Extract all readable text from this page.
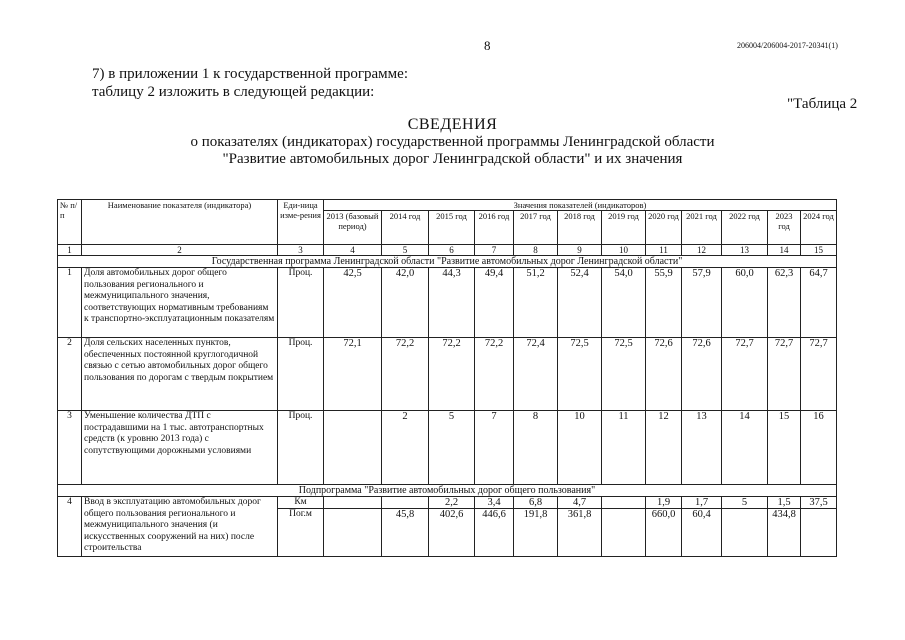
8	206004/206004-2017-20341(1)
7) в приложении 1 к государственной программе:
таблицу 2 изложить в следующей редакции:
"Таблица 2
СВЕДЕНИЯ
о показателях (индикаторах) государственной программы Ленинградской области
"Развитие автомобильных дорог Ленинградской области" и их значения
№ п/п	Наименование показателя (индикатора)	Еди-ница изме-рения	Значения показателей (индикаторов)											
			2013 (базовый период)	2014 год	2015 год	2016 год	2017 год	2018 год	2019 год	2020 год	2021 год	2022 год	2023 год	2024 год
1	2	3	4	5	6	7	8	9	10	11	12	13	14	15
Государственная программа Ленинградской области "Развитие автомобильных дорог Ленинградской области"														
1	Доля автомобильных дорог общего пользования регионального и межмуниципального значения, соответствующих нормативным требованиям к транспортно-эксплуатационным показателям	Проц.	42,5	42,0	44,3	49,4	51,2	52,4	54,0	55,9	57,9	60,0	62,3	64,7
2	Доля сельских населенных пунктов, обеспеченных постоянной круглогодичной связью с сетью автомобильных дорог общего пользования по дорогам с твердым покрытием	Проц.	72,1	72,2	72,2	72,2	72,4	72,5	72,5	72,6	72,6	72,7	72,7	72,7
3	Уменьшение количества ДТП с пострадавшими на 1 тыс. автотранспортных средств (к уровню 2013 года) с сопутствующими дорожными условиями	Проц.		2	5	7	8	10	11	12	13	14	15	16
Подпрограмма "Развитие автомобильных дорог общего пользования"														
4	Ввод в эксплуатацию автомобильных дорог общего пользования регионального и межмуниципального значения (и искусственных сооружений на них) после строительства	Км			2,2	3,4	6,8	4,7		1,9	1,7	5	1,5	37,5
		Пог.м		45,8	402,6	446,6	191,8	361,8		660,0	60,4		434,8	
